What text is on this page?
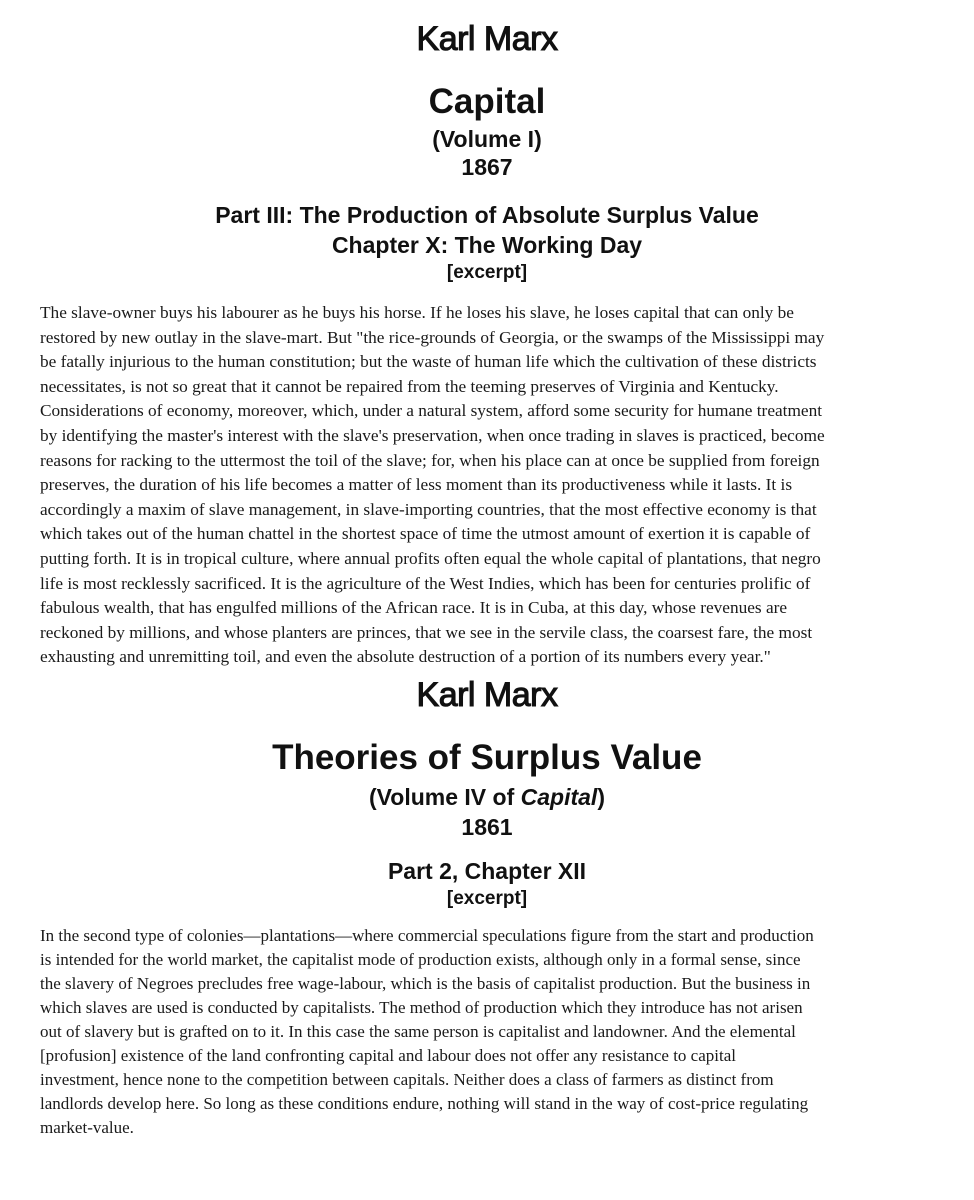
Karl Marx
Capital
(Volume I)
1867
Part III: The Production of Absolute Surplus Value
Chapter X: The Working Day
[excerpt]

The slave-owner buys his labourer as he buys his horse. If he loses his slave, he loses capital that can only be
restored by new outlay in the slave-mart. But "the rice-grounds of Georgia, or the swamps of the Mississippi may
be fatally injurious to the human constitution; but the waste of human life which the cultivation of these districts
necessitates, is not so great that it cannot be repaired from the teeming preserves of Virginia and Kentucky.
Considerations of economy, moreover, which, under a natural system, afford some security for humane treatment
by identifying the master's interest with the slave's preservation, when once trading in slaves is practiced, become
reasons for racking to the uttermost the toil of the slave; for, when his place can at once be supplied from foreign
preserves, the duration of his life becomes a matter of less moment than its productiveness while it lasts. It is
accordingly a maxim of slave management, in slave-importing countries, that the most effective economy is that
which takes out of the human chattel in the shortest space of time the utmost amount of exertion it is capable of
putting forth. It is in tropical culture, where annual profits often equal the whole capital of plantations, that negro
life is most recklessly sacrificed. It is the agriculture of the West Indies, which has been for centuries prolific of
fabulous wealth, that has engulfed millions of the African race. It is in Cuba, at this day, whose revenues are
reckoned by millions, and whose planters are princes, that we see in the servile class, the coarsest fare, the most
exhausting and unremitting toil, and even the absolute destruction of a portion of its numbers every year."

Karl Marx
Theories of Surplus Value
(Volume IV of Capital)
1861
Part 2, Chapter XII
[excerpt]

In the second type of colonies—plantations—where commercial speculations figure from the start and production
is intended for the world market, the capitalist mode of production exists, although only in a formal sense, since
the slavery of Negroes precludes free wage-labour, which is the basis of capitalist production. But the business in
which slaves are used is conducted by capitalists. The method of production which they introduce has not arisen
out of slavery but is grafted on to it. In this case the same person is capitalist and landowner. And the elemental
[profusion] existence of the land confronting capital and labour does not offer any resistance to capital
investment, hence none to the competition between capitals. Neither does a class of farmers as distinct from
landlords develop here. So long as these conditions endure, nothing will stand in the way of cost-price regulating
market-value.
